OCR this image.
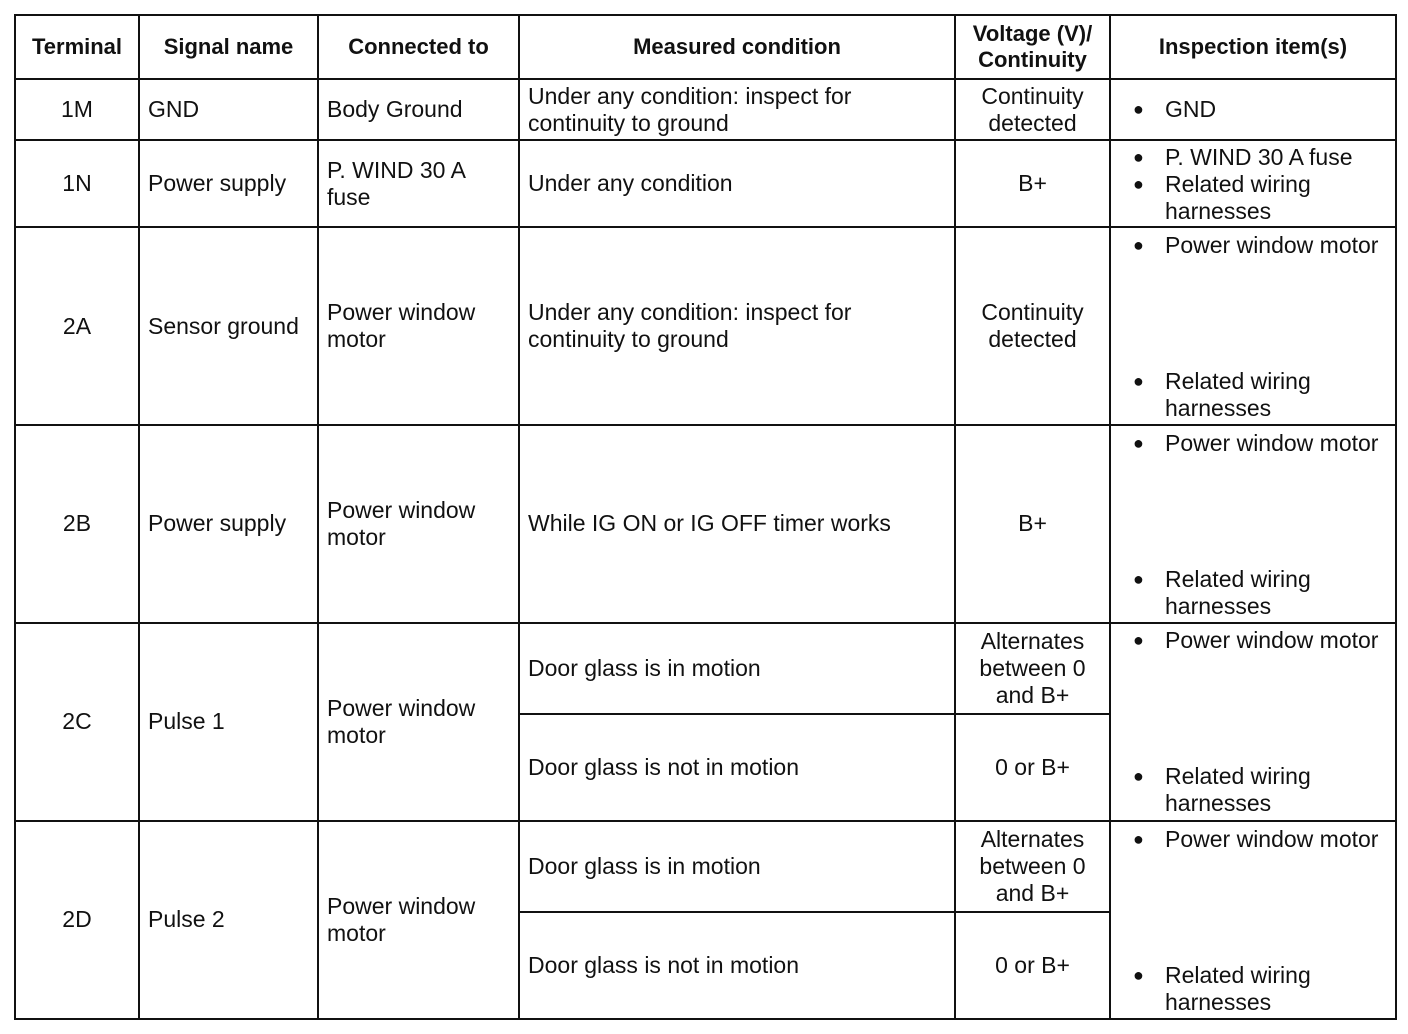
Terminal	Signal name	Connected to	Measured condition	Voltage (V)/
Continuity	Inspection item(s)
1M	GND	Body Ground	Under any condition: inspect for continuity to ground	Continuity detected	● GND

1N	Power supply	P. WIND 30 A fuse	Under any condition	B+	● P. WIND 30 A fuse
● Related wiring harnesses

2A	Sensor ground	Power window motor	Under any condition: inspect for continuity to ground	Continuity detected	● Power window motor
● Related wiring harnesses

2B	Power supply	Power window motor	While IG ON or IG OFF timer works	B+	● Power window motor
● Related wiring harnesses

2C	Pulse 1	Power window motor	Door glass is in motion	Alternates between 0 and B+	● Power window motor
● Related wiring harnesses

			Door glass is not in motion	0 or B+	
2D	Pulse 2	Power window motor	Door glass is in motion	Alternates between 0 and B+	● Power window motor
● Related wiring harnesses

			Door glass is not in motion	0 or B+	
